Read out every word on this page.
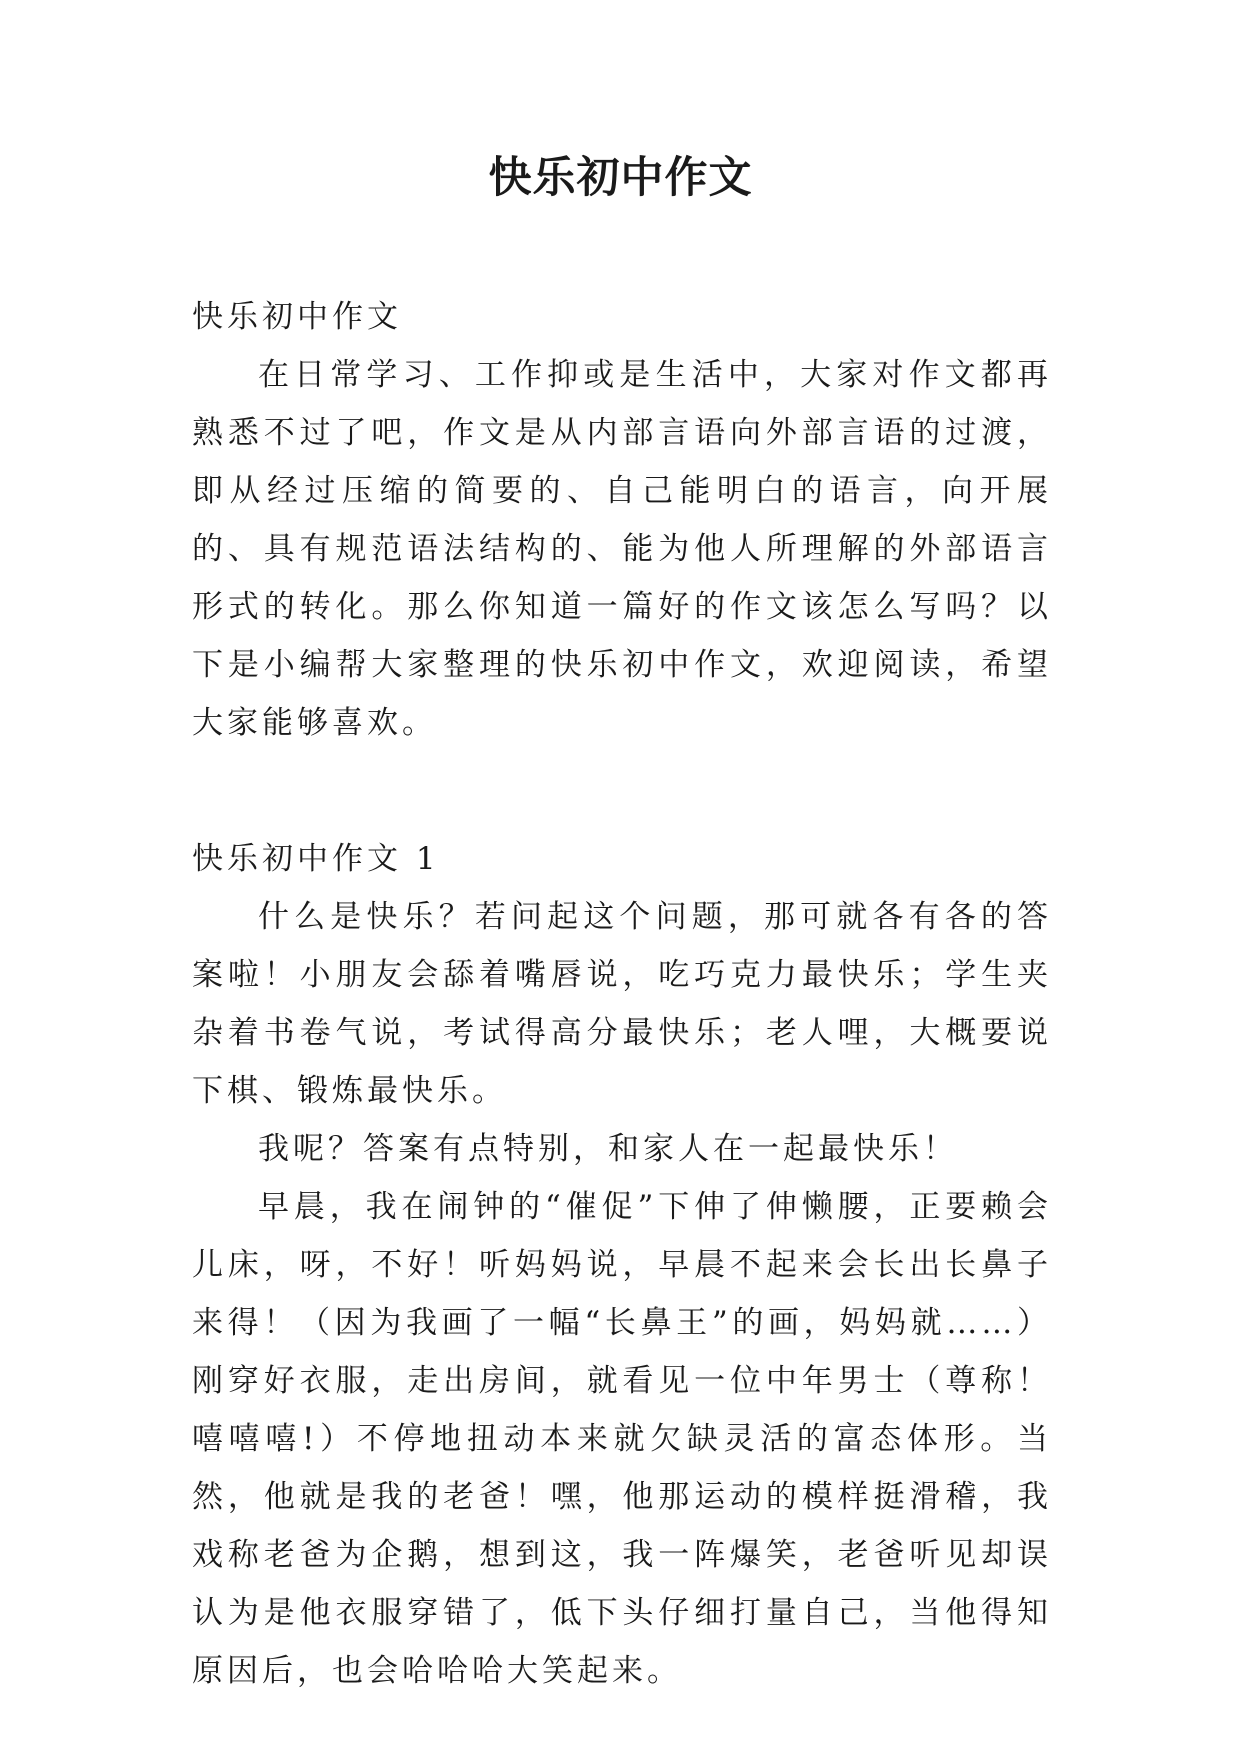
快乐初中作文

快乐初中作文

在日常学习、工作抑或是生活中，大家对作文都再熟悉不过了吧，作文是从内部言语向外部言语的过渡，即从经过压缩的简要的、自己能明白的语言，向开展的、具有规范语法结构的、能为他人所理解的外部语言形式的转化。那么你知道一篇好的作文该怎么写吗？以下是小编帮大家整理的快乐初中作文，欢迎阅读，希望大家能够喜欢。

快乐初中作文 1

什么是快乐？若问起这个问题，那可就各有各的答案啦！小朋友会舔着嘴唇说，吃巧克力最快乐；学生夹杂着书卷气说，考试得高分最快乐；老人哩，大概要说下棋、锻炼最快乐。

我呢？答案有点特别，和家人在一起最快乐！

早晨，我在闹钟的“催促”下伸了伸懒腰，正要赖会儿床，呀，不好！听妈妈说，早晨不起来会长出长鼻子来得！（因为我画了一幅“长鼻王”的画，妈妈就……）刚穿好衣服，走出房间，就看见一位中年男士（尊称！嘻嘻嘻!）不停地扭动本来就欠缺灵活的富态体形。当然，他就是我的老爸！嘿，他那运动的模样挺滑稽，我戏称老爸为企鹅，想到这，我一阵爆笑，老爸听见却误认为是他衣服穿错了，低下头仔细打量自己，当他得知原因后，也会哈哈哈大笑起来。
